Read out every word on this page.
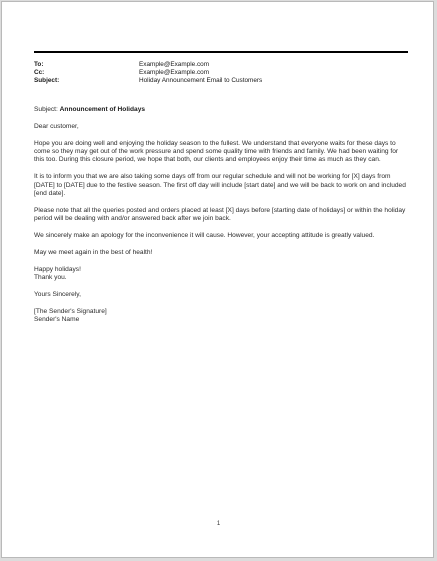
To:	Example@Example.com
Cc:	Example@Example.com
Subject:	Holiday Announcement Email to Customers
Subject: Announcement of Holidays

Dear customer,

Hope you are doing well and enjoying the holiday season to the fullest. We understand that everyone waits for these days to come so they may get out of the work pressure and spend some quality time with friends and family. We had been waiting for this too. During this closure period, we hope that both, our clients and employees enjoy their time as much as they can.

It is to inform you that we are also taking some days off from our regular schedule and will not be working for [X] days from [DATE] to [DATE] due to the festive season. The first off day will include [start date] and we will be back to work on and included [end date].

Please note that all the queries posted and orders placed at least [X] days before [starting date of holidays] or within the holiday period will be dealing with and/or answered back after we join back.

We sincerely make an apology for the inconvenience it will cause. However, your accepting attitude is greatly valued.

May we meet again in the best of health!

Happy holidays!
Thank you.

Yours Sincerely,

[The Sender's Signature]
Sender's Name

1
